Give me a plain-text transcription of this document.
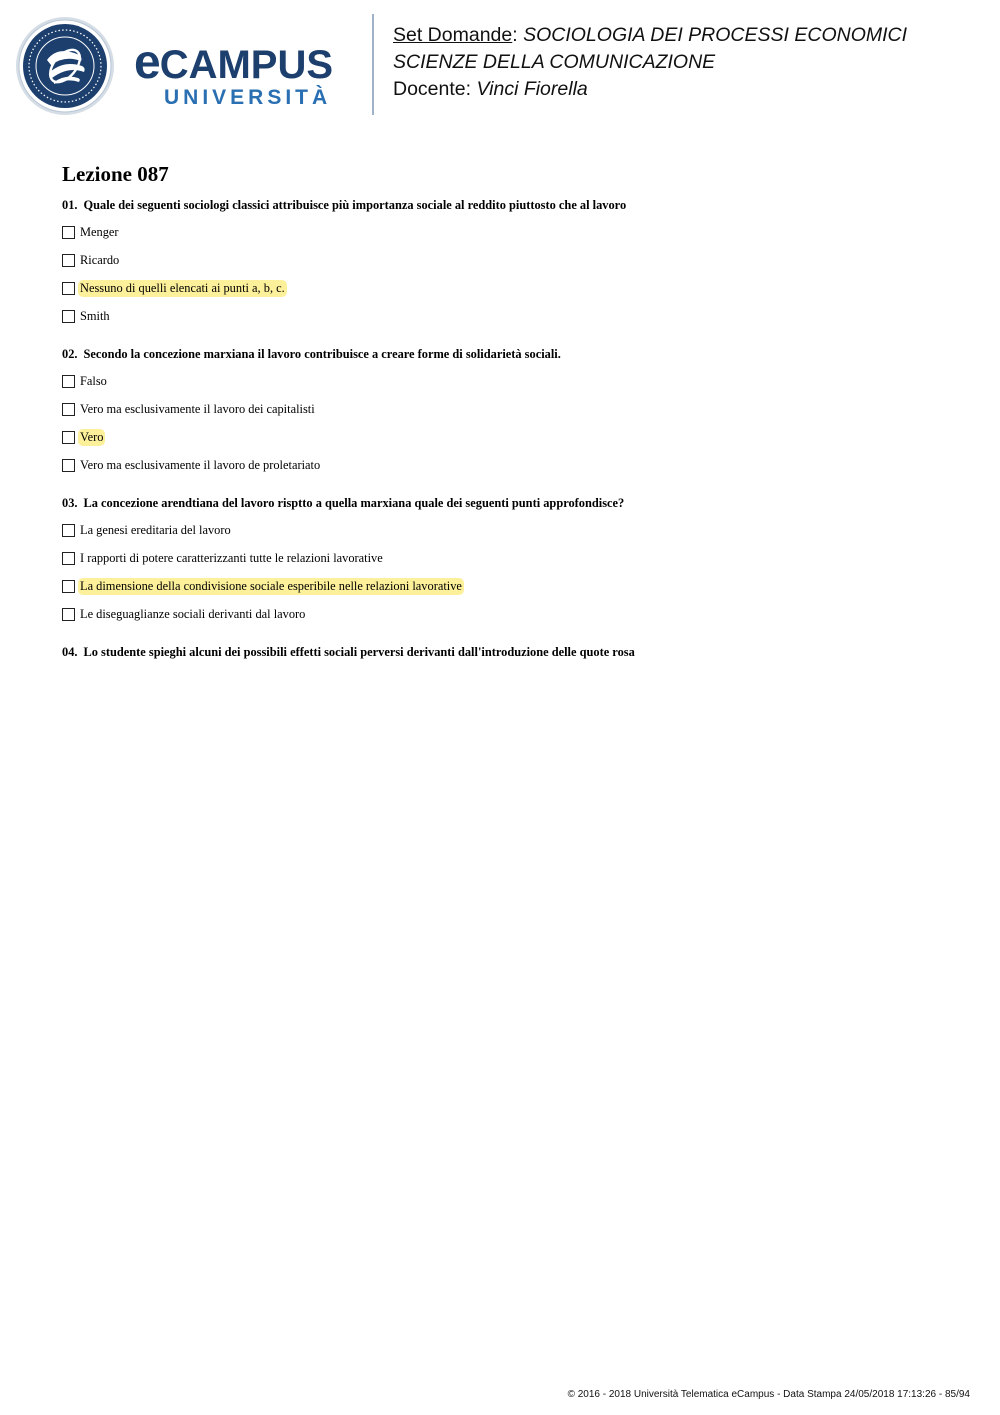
eCAMPUS
UNIVERSITÀ
Set Domande: SOCIOLOGIA DEI PROCESSI ECONOMICI
SCIENZE DELLA COMUNICAZIONE
Docente: Vinci Fiorella
Lezione 087
01. Quale dei seguenti sociologi classici attribuisce più importanza sociale al reddito piuttosto che al lavoro
Menger
Ricardo
Nessuno di quelli elencati ai punti a, b, c.
Smith
02. Secondo la concezione marxiana il lavoro contribuisce a creare forme di solidarietà sociali.
Falso
Vero ma esclusivamente il lavoro dei capitalisti
Vero
Vero ma esclusivamente il lavoro de proletariato
03. La concezione arendtiana del lavoro risptto a quella marxiana quale dei seguenti punti approfondisce?
La genesi ereditaria del lavoro
I rapporti di potere caratterizzanti tutte le relazioni lavorative
La dimensione della condivisione sociale esperibile nelle relazioni lavorative
Le diseguaglianze sociali derivanti dal lavoro
04. Lo studente spieghi alcuni dei possibili effetti sociali perversi derivanti dall'introduzione delle quote rosa
© 2016 - 2018 Università Telematica eCampus - Data Stampa 24/05/2018 17:13:26 - 85/94
